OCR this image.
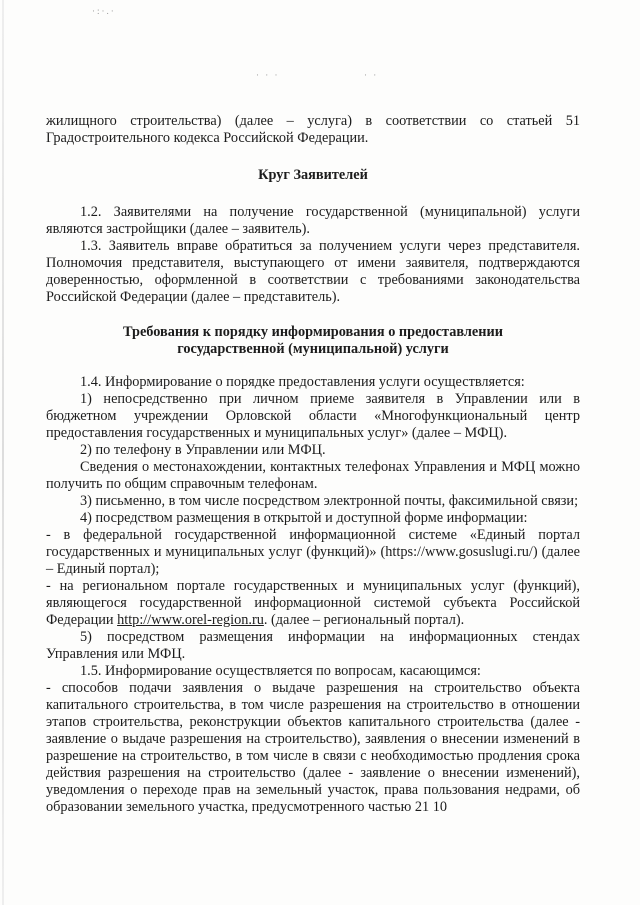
·:·.·
· · ·	· ·

жилищного строительства) (далее – услуга) в соответствии со статьей 51 Градостроительного кодекса Российской Федерации.

Круг Заявителей

1.2. Заявителями на получение государственной (муниципальной) услуги являются застройщики (далее – заявитель).

1.3. Заявитель вправе обратиться за получением услуги через представителя. Полномочия представителя, выступающего от имени заявителя, подтверждаются доверенностью, оформленной в соответствии с требованиями законодательства Российской Федерации (далее – представитель).

Требования к порядку информирования о предоставлении

государственной (муниципальной) услуги

1.4. Информирование о порядке предоставления услуги осуществляется:

1) непосредственно при личном приеме заявителя в Управлении или в бюджетном учреждении Орловской области «Многофункциональный центр предоставления государственных и муниципальных услуг» (далее – МФЦ).

2) по телефону в Управлении или МФЦ.

Сведения о местонахождении, контактных телефонах Управления и МФЦ можно получить по общим справочным телефонам.

3) письменно, в том числе посредством электронной почты, факсимильной связи;

4) посредством размещения в открытой и доступной форме информации:

- в федеральной государственной информационной системе «Единый портал государственных и муниципальных услуг (функций)» (https://www.gosuslugi.ru/) (далее – Единый портал);

- на региональном портале государственных и муниципальных услуг (функций), являющегося государственной информационной системой субъекта Российской Федерации http://www.orel-region.ru. (далее – региональный портал).

5) посредством размещения информации на информационных стендах Управления или МФЦ.

1.5. Информирование осуществляется по вопросам, касающимся:

- способов подачи заявления о выдаче разрешения на строительство объекта капитального строительства, в том числе разрешения на строительство в отношении этапов строительства, реконструкции объектов капитального строительства (далее - заявление о выдаче разрешения на строительство), заявления о внесении изменений в разрешение на строительство, в том числе в связи с необходимостью продления срока действия разрешения на строительство (далее - заявление о внесении изменений), уведомления о переходе прав на земельный участок, права пользования недрами, об образовании земельного участка, предусмотренного частью 21 10
